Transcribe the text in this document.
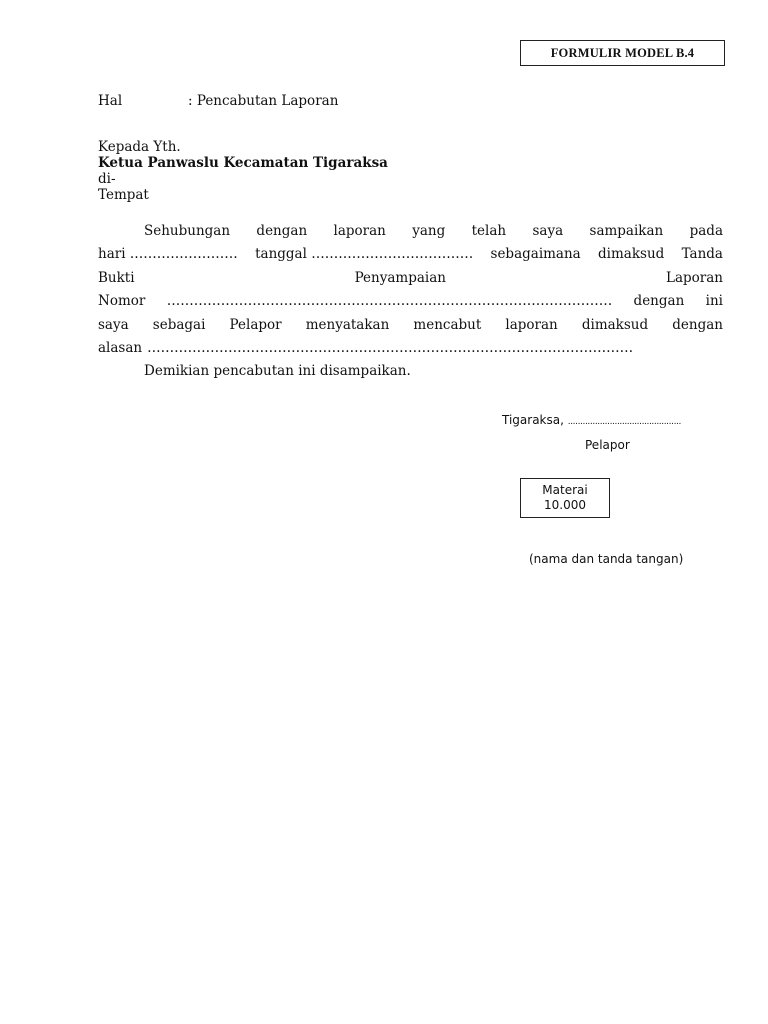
FORMULIR MODEL B.4
Hal	: Pencabutan Laporan
Kepada Yth.
Ketua Panwaslu Kecamatan Tigaraksa
di-
Tempat
Sehubungan dengan laporan yang telah saya sampaikan pada
hari …………………… tanggal ……………………………… sebagaimana dimaksud Tanda
Bukti	Penyampaian	Laporan
Nomor ……………………………………………………………………………………… dengan ini
saya sebagai Pelapor menyatakan mencabut laporan dimaksud dengan
alasan ………………………………………………………………………………………………
Demikian pencabutan ini disampaikan.
Tigaraksa, ..............................................
Pelapor
Materai
10.000
(nama dan tanda tangan)
